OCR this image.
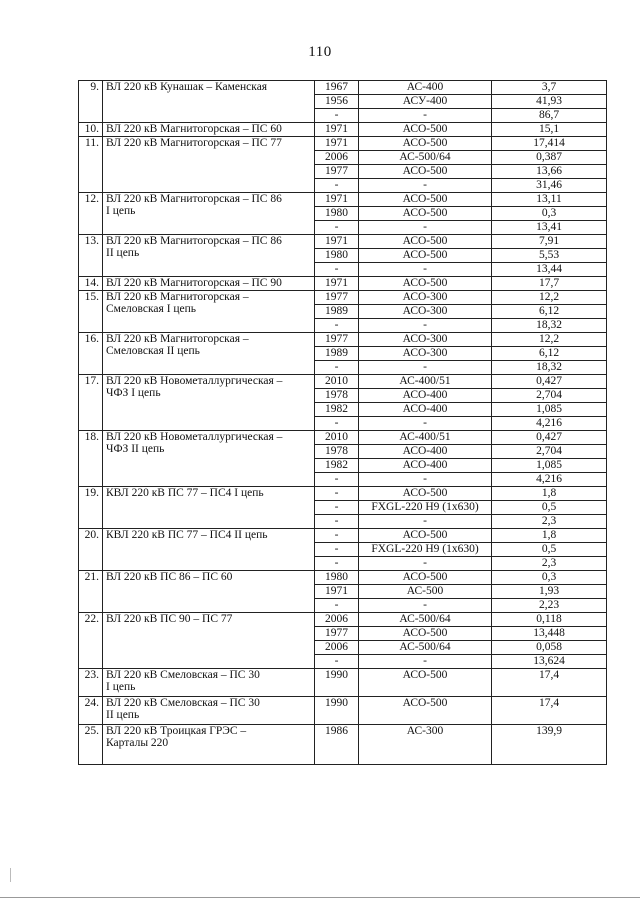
110
9.	ВЛ 220 кВ Кунашак – Каменская	1967	АС-400	3,7
		1956	АСУ-400	41,93
		-	-	86,7
10.	ВЛ 220 кВ Магнитогорская – ПС 60	1971	АСО-500	15,1
11.	ВЛ 220 кВ Магнитогорская – ПС 77	1971	АСО-500	17,414
		2006	АС-500/64	0,387
		1977	АСО-500	13,66
		-	-	31,46
12.	ВЛ 220 кВ Магнитогорская – ПС 86
I цепь	1971	АСО-500	13,11
		1980	АСО-500	0,3
		-	-	13,41
13.	ВЛ 220 кВ Магнитогорская – ПС 86
II цепь	1971	АСО-500	7,91
		1980	АСО-500	5,53
		-	-	13,44
14.	ВЛ 220 кВ Магнитогорская – ПС 90	1971	АСО-500	17,7
15.	ВЛ 220 кВ Магнитогорская –
Смеловская I цепь	1977	АСО-300	12,2
		1989	АСО-300	6,12
		-	-	18,32
16.	ВЛ 220 кВ Магнитогорская –
Смеловская II цепь	1977	АСО-300	12,2
		1989	АСО-300	6,12
		-	-	18,32
17.	ВЛ 220 кВ Новометаллургическая –
ЧФЗ I цепь	2010	АС-400/51	0,427
		1978	АСО-400	2,704
		1982	АСО-400	1,085
		-	-	4,216
18.	ВЛ 220 кВ Новометаллургическая –
ЧФЗ II цепь	2010	АС-400/51	0,427
		1978	АСО-400	2,704
		1982	АСО-400	1,085
		-	-	4,216
19.	КВЛ 220 кВ ПС 77 – ПС4 I цепь	-	АСО-500	1,8
		-	FXGL-220 H9 (1x630)	0,5
		-	-	2,3
20.	КВЛ 220 кВ ПС 77 – ПС4 II цепь	-	АСО-500	1,8
		-	FXGL-220 H9 (1x630)	0,5
		-	-	2,3
21.	ВЛ 220 кВ ПС 86 – ПС 60	1980	АСО-500	0,3
		1971	АС-500	1,93
		-	-	2,23
22.	ВЛ 220 кВ ПС 90 – ПС 77	2006	АС-500/64	0,118
		1977	АСО-500	13,448
		2006	АС-500/64	0,058
		-	-	13,624
23.	ВЛ 220 кВ Смеловская – ПС 30
I цепь	1990	АСО-500	17,4
24.	ВЛ 220 кВ Смеловская – ПС 30
II цепь	1990	АСО-500	17,4
25.	ВЛ 220 кВ Троицкая ГРЭС –
Карталы 220	1986	АС-300	139,9
